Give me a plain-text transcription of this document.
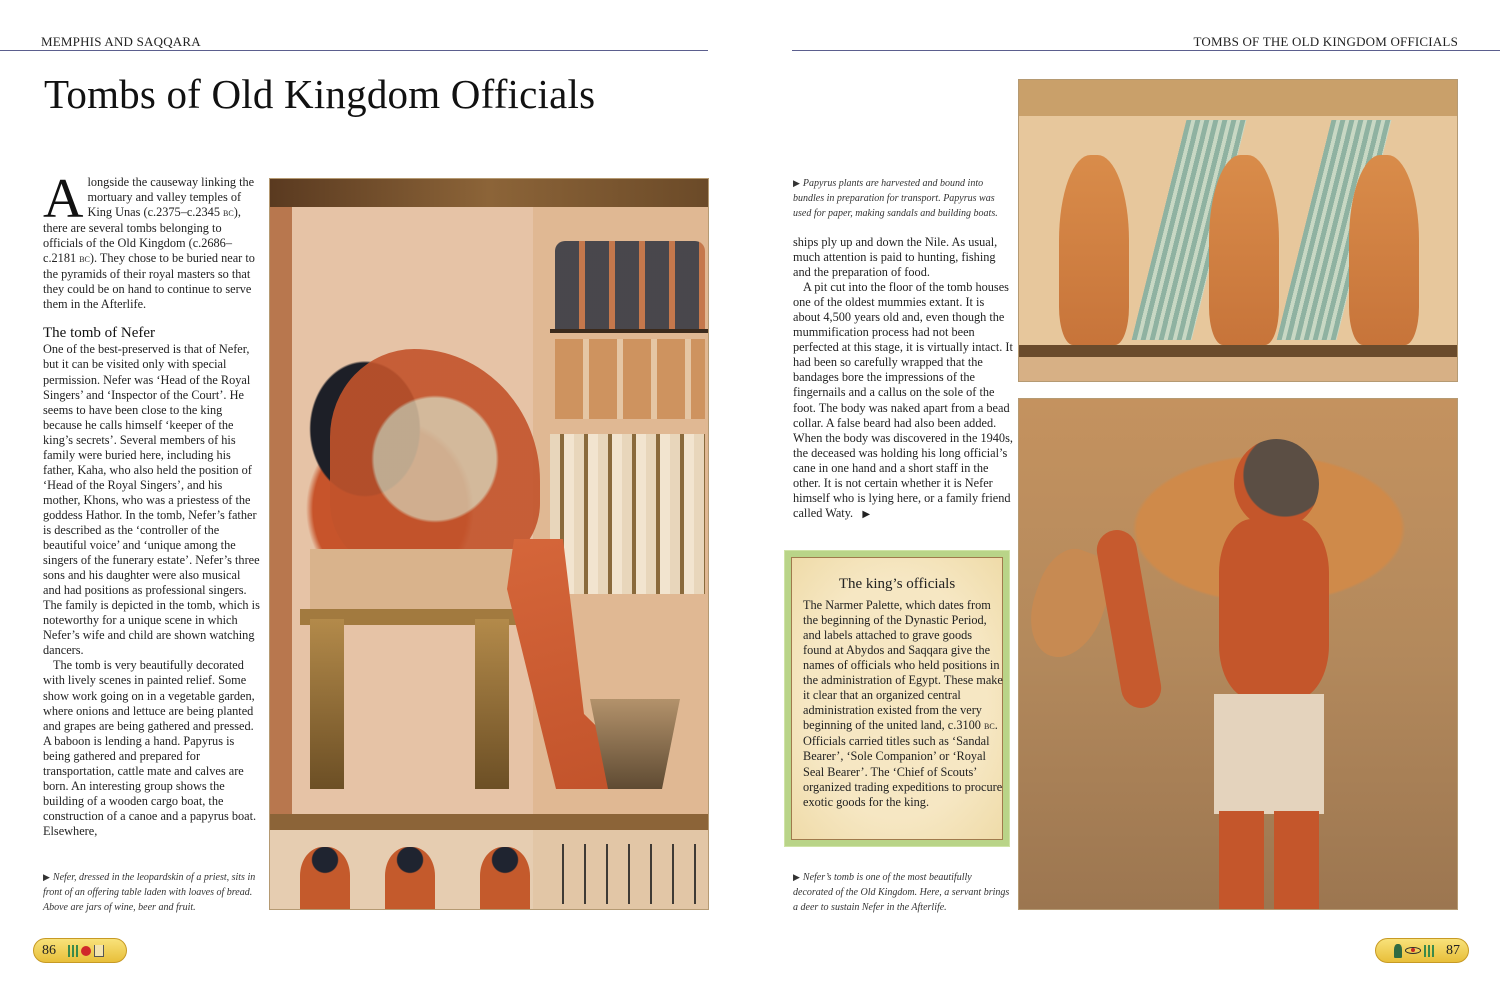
MEMPHIS AND SAQQARA
Tombs of Old Kingdom Officials

Alongside the causeway linking the mortuary and valley temples of King Unas (c.2375–c.2345 bc), there are several tombs belonging to officials of the Old Kingdom (c.2686–c.2181 bc). They chose to be buried near to the pyramids of their royal masters so that they could be on hand to continue to serve them in the Afterlife.

The tomb of Nefer

One of the best-preserved is that of Nefer, but it can be visited only with special permission. Nefer was ‘Head of the Royal Singers’ and ‘Inspector of the Court’. He seems to have been close to the king because he calls himself ‘keeper of the king’s secrets’. Several members of his family were buried here, including his father, Kaha, who also held the position of ‘Head of the Royal Singers’, and his mother, Khons, who was a priestess of the goddess Hathor. In the tomb, Nefer’s father is described as the ‘controller of the beautiful voice’ and ‘unique among the singers of the funerary estate’. Nefer’s three sons and his daughter were also musical and had positions as professional singers. The family is depicted in the tomb, which is noteworthy for a unique scene in which Nefer’s wife and child are shown watching dancers.

The tomb is very beautifully decorated with lively scenes in painted relief. Some show work going on in a vegetable garden, where onions and lettuce are being planted and grapes are being gathered and pressed. A baboon is lending a hand. Papyrus is being gathered and prepared for transportation, cattle mate and calves are born. An interesting group shows the building of a wooden cargo boat, the construction of a canoe and a papyrus boat. Elsewhere,

▶ Nefer, dressed in the leopardskin of a priest, sits in front of an offering table laden with loaves of bread. Above are jars of wine, beer and fruit.
86
TOMBS OF THE OLD KINGDOM OFFICIALS
▶ Papyrus plants are harvested and bound into bundles in preparation for transport. Papyrus was used for paper, making sandals and building boats.

ships ply up and down the Nile. As usual, much attention is paid to hunting, fishing and the preparation of food.

A pit cut into the floor of the tomb houses one of the oldest mummies extant. It is about 4,500 years old and, even though the mummification process had not been perfected at this stage, it is virtually intact. It had been so carefully wrapped that the bandages bore the impressions of the fingernails and a callus on the sole of the foot. The body was naked apart from a bead collar. A false beard had also been added. When the body was discovered in the 1940s, the deceased was holding his long official’s cane in one hand and a short staff in the other. It is not certain whether it is Nefer himself who is lying here, or a family friend called Waty. ▶

The king’s officials
The Narmer Palette, which dates from the beginning of the Dynastic Period, and labels attached to grave goods found at Abydos and Saqqara give the names of officials who held positions in the administration of Egypt. These make it clear that an organized central administration existed from the very beginning of the united land, c.3100 bc. Officials carried titles such as ‘Sandal Bearer’, ‘Sole Companion’ or ‘Royal Seal Bearer’. The ‘Chief of Scouts’ organized trading expeditions to procure exotic goods for the king.
▶ Nefer’s tomb is one of the most beautifully decorated of the Old Kingdom. Here, a servant brings a deer to sustain Nefer in the Afterlife.
87
